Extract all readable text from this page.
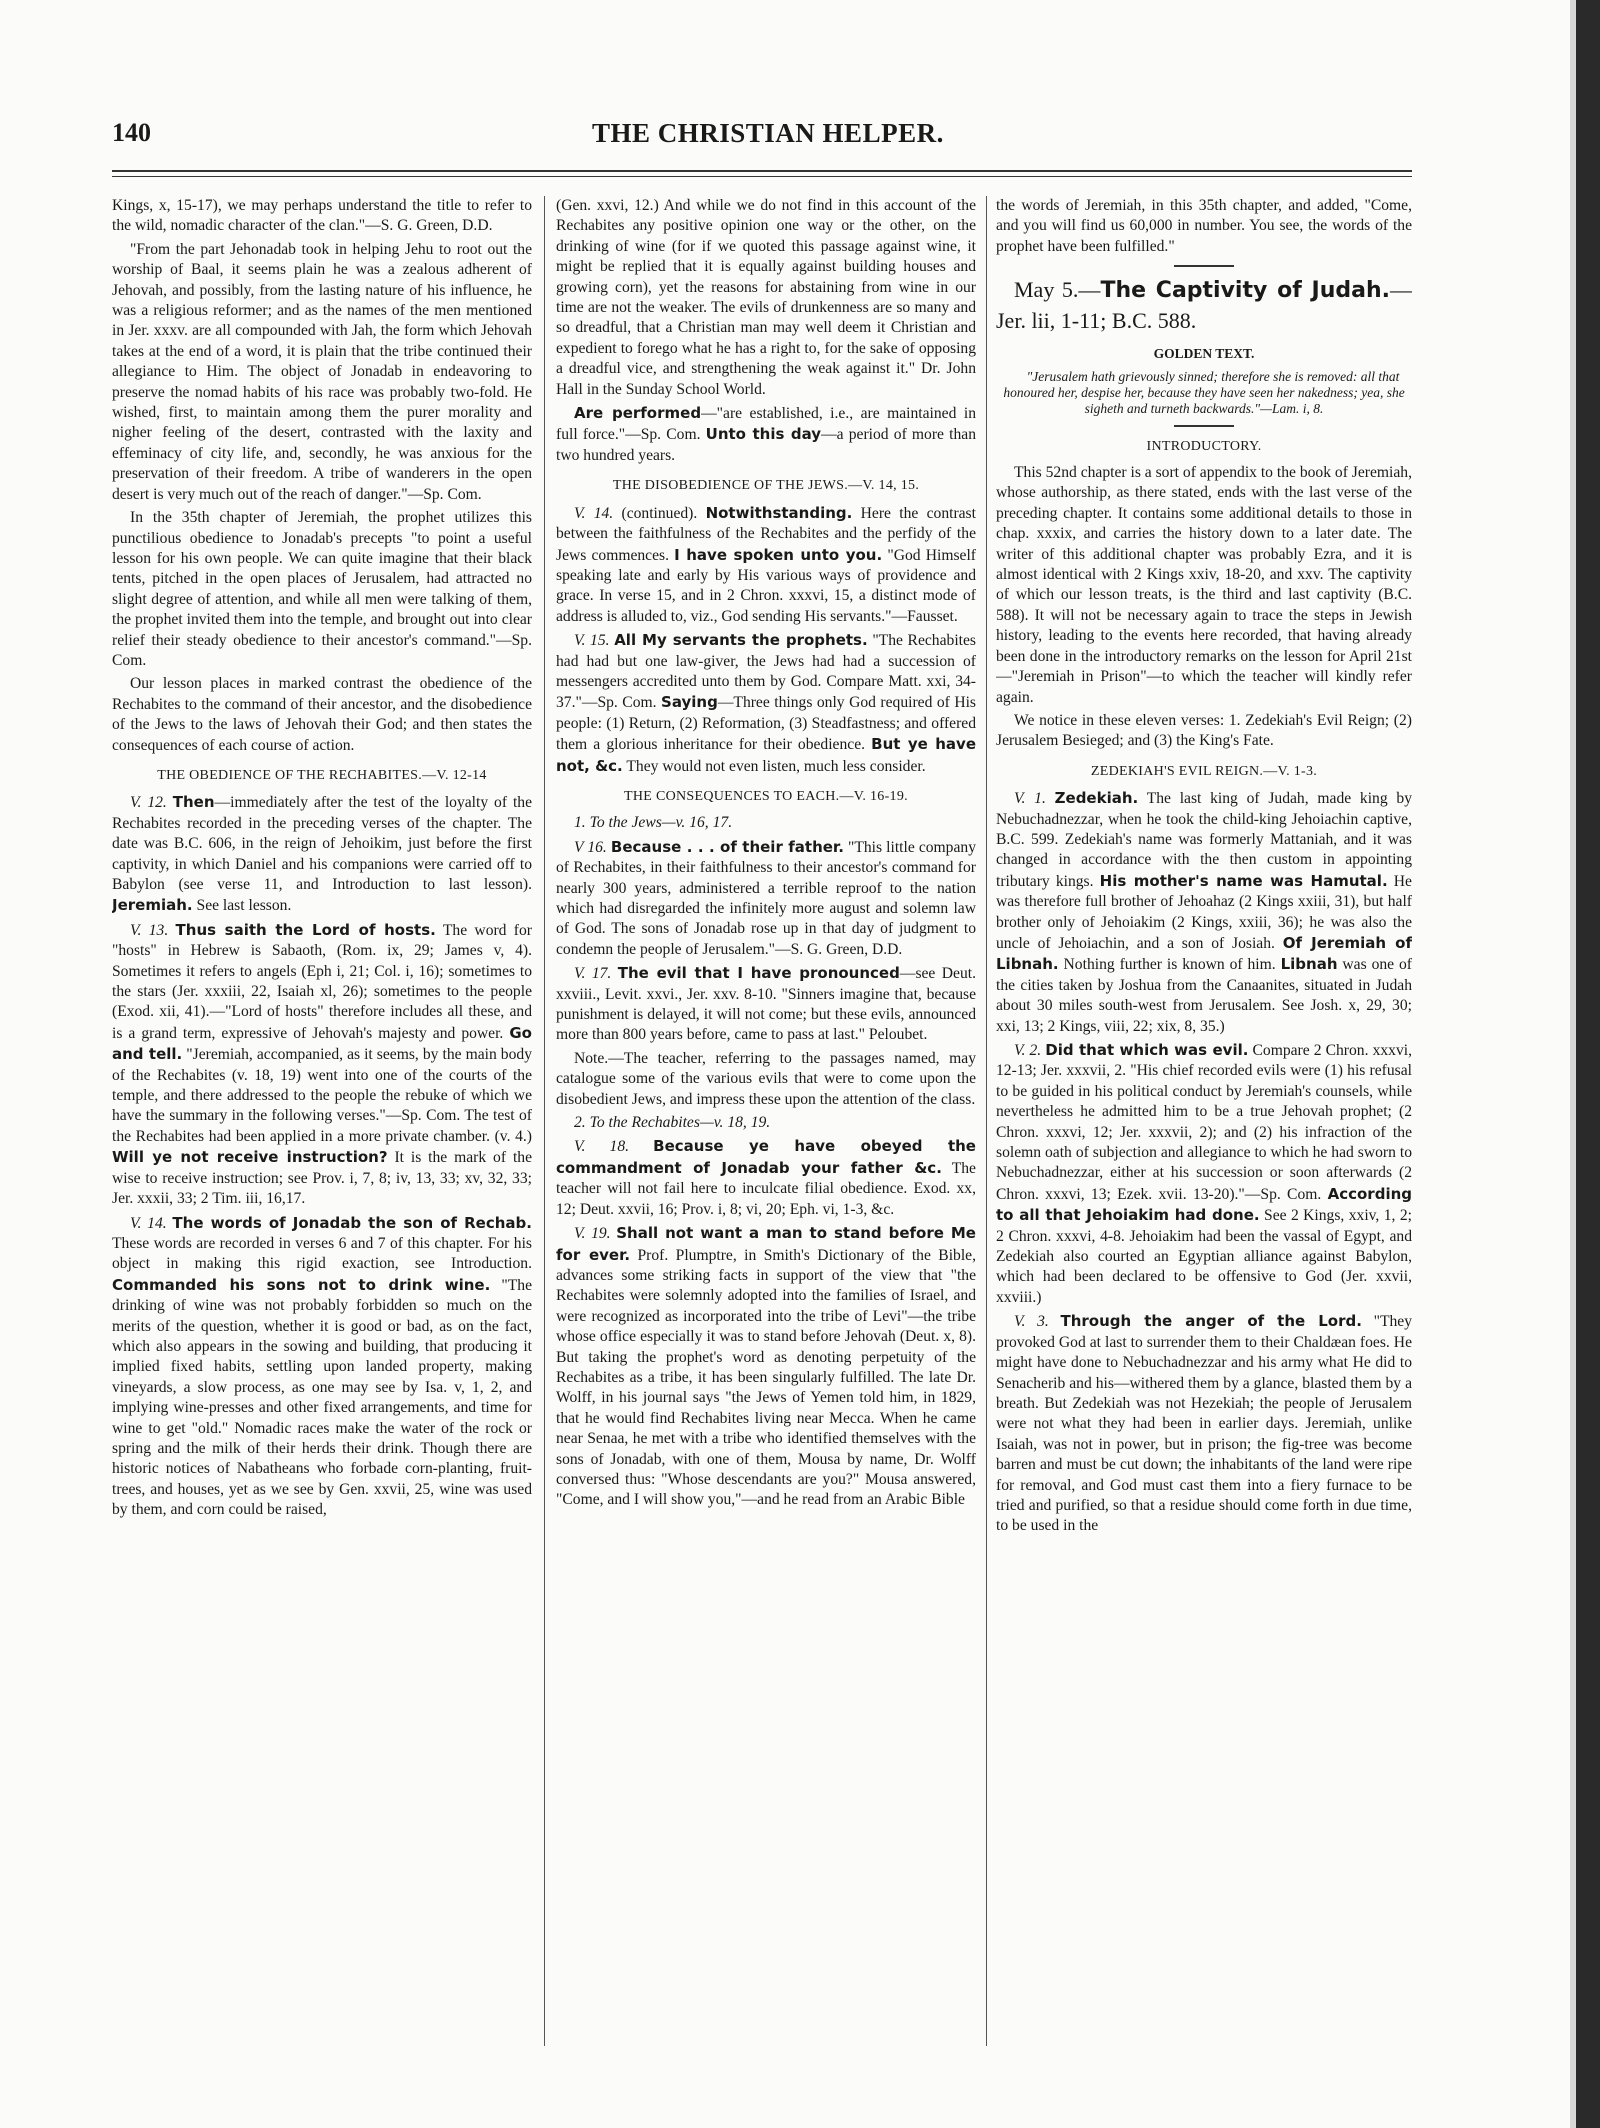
140	THE CHRISTIAN HELPER.

Kings, x, 15-17), we may perhaps understand the title to refer to the wild, nomadic character of the clan."—S. G. Green, D.D.

"From the part Jehonadab took in helping Jehu to root out the worship of Baal, it seems plain he was a zealous adherent of Jehovah, and possibly, from the lasting nature of his influence, he was a religious reformer; and as the names of the men mentioned in Jer. xxxv. are all compounded with Jah, the form which Jehovah takes at the end of a word, it is plain that the tribe continued their allegiance to Him. The object of Jonadab in endeavoring to preserve the nomad habits of his race was probably two-fold. He wished, first, to maintain among them the purer morality and nigher feeling of the desert, contrasted with the laxity and effeminacy of city life, and, secondly, he was anxious for the preservation of their freedom. A tribe of wanderers in the open desert is very much out of the reach of danger."—Sp. Com.

In the 35th chapter of Jeremiah, the prophet utilizes this punctilious obedience to Jonadab's precepts "to point a useful lesson for his own people. We can quite imagine that their black tents, pitched in the open places of Jerusalem, had attracted no slight degree of attention, and while all men were talking of them, the prophet invited them into the temple, and brought out into clear relief their steady obedience to their ancestor's command."—Sp. Com.

Our lesson places in marked contrast the obedience of the Rechabites to the command of their ancestor, and the disobedience of the Jews to the laws of Jehovah their God; and then states the consequences of each course of action.

THE OBEDIENCE OF THE RECHABITES.—V. 12-14

V. 12. Then—immediately after the test of the loyalty of the Rechabites recorded in the preceding verses of the chapter. The date was B.C. 606, in the reign of Jehoikim, just before the first captivity, in which Daniel and his companions were carried off to Babylon (see verse 11, and Introduction to last lesson). Jeremiah. See last lesson.

V. 13. Thus saith the Lord of hosts. The word for "hosts" in Hebrew is Sabaoth, (Rom. ix, 29; James v, 4). Sometimes it refers to angels (Eph i, 21; Col. i, 16); sometimes to the stars (Jer. xxxiii, 22, Isaiah xl, 26); sometimes to the people (Exod. xii, 41).—"Lord of hosts" therefore includes all these, and is a grand term, expressive of Jehovah's majesty and power. Go and tell. "Jeremiah, accompanied, as it seems, by the main body of the Rechabites (v. 18, 19) went into one of the courts of the temple, and there addressed to the people the rebuke of which we have the summary in the following verses."—Sp. Com. The test of the Rechabites had been applied in a more private chamber. (v. 4.) Will ye not receive instruction? It is the mark of the wise to receive instruction; see Prov. i, 7, 8; iv, 13, 33; xv, 32, 33; Jer. xxxii, 33; 2 Tim. iii, 16,17.

V. 14. The words of Jonadab the son of Rechab. These words are recorded in verses 6 and 7 of this chapter. For his object in making this rigid exaction, see Introduction. Commanded his sons not to drink wine. "The drinking of wine was not probably forbidden so much on the merits of the question, whether it is good or bad, as on the fact, which also appears in the sowing and building, that producing it implied fixed habits, settling upon landed property, making vineyards, a slow process, as one may see by Isa. v, 1, 2, and implying wine-presses and other fixed arrangements, and time for wine to get "old." Nomadic races make the water of the rock or spring and the milk of their herds their drink. Though there are historic notices of Nabatheans who forbade corn-planting, fruit-trees, and houses, yet as we see by Gen. xxvii, 25, wine was used by them, and corn could be raised,

(Gen. xxvi, 12.) And while we do not find in this account of the Rechabites any positive opinion one way or the other, on the drinking of wine (for if we quoted this passage against wine, it might be replied that it is equally against building houses and growing corn), yet the reasons for abstaining from wine in our time are not the weaker. The evils of drunkenness are so many and so dreadful, that a Christian man may well deem it Christian and expedient to forego what he has a right to, for the sake of opposing a dreadful vice, and strengthening the weak against it." Dr. John Hall in the Sunday School World.

Are performed—"are established, i.e., are maintained in full force."—Sp. Com. Unto this day—a period of more than two hundred years.

THE DISOBEDIENCE OF THE JEWS.—V. 14, 15.

V. 14. (continued). Notwithstanding. Here the contrast between the faithfulness of the Rechabites and the perfidy of the Jews commences. I have spoken unto you. "God Himself speaking late and early by His various ways of providence and grace. In verse 15, and in 2 Chron. xxxvi, 15, a distinct mode of address is alluded to, viz., God sending His servants."—Fausset.

V. 15. All My servants the prophets. "The Rechabites had had but one law-giver, the Jews had had a succession of messengers accredited unto them by God. Compare Matt. xxi, 34-37."—Sp. Com. Saying—Three things only God required of His people: (1) Return, (2) Reformation, (3) Steadfastness; and offered them a glorious inheritance for their obedience. But ye have not, &c. They would not even listen, much less consider.

THE CONSEQUENCES TO EACH.—V. 16-19.

1. To the Jews—v. 16, 17.

V 16. Because . . . of their father. "This little company of Rechabites, in their faithfulness to their ancestor's command for nearly 300 years, administered a terrible reproof to the nation which had disregarded the infinitely more august and solemn law of God. The sons of Jonadab rose up in that day of judgment to condemn the people of Jerusalem."—S. G. Green, D.D.

V. 17. The evil that I have pronounced—see Deut. xxviii., Levit. xxvi., Jer. xxv. 8-10. "Sinners imagine that, because punishment is delayed, it will not come; but these evils, announced more than 800 years before, came to pass at last." Peloubet.

Note.—The teacher, referring to the passages named, may catalogue some of the various evils that were to come upon the disobedient Jews, and impress these upon the attention of the class.

2. To the Rechabites—v. 18, 19.

V. 18. Because ye have obeyed the commandment of Jonadab your father &c. The teacher will not fail here to inculcate filial obedience. Exod. xx, 12; Deut. xxvii, 16; Prov. i, 8; vi, 20; Eph. vi, 1-3, &c.

V. 19. Shall not want a man to stand before Me for ever. Prof. Plumptre, in Smith's Dictionary of the Bible, advances some striking facts in support of the view that "the Rechabites were solemnly adopted into the families of Israel, and were recognized as incorporated into the tribe of Levi"—the tribe whose office especially it was to stand before Jehovah (Deut. x, 8). But taking the prophet's word as denoting perpetuity of the Rechabites as a tribe, it has been singularly fulfilled. The late Dr. Wolff, in his journal says "the Jews of Yemen told him, in 1829, that he would find Rechabites living near Mecca. When he came near Senaa, he met with a tribe who identified themselves with the sons of Jonadab, with one of them, Mousa by name, Dr. Wolff conversed thus: "Whose descendants are you?" Mousa answered, "Come, and I will show you,"—and he read from an Arabic Bible

the words of Jeremiah, in this 35th chapter, and added, "Come, and you will find us 60,000 in number. You see, the words of the prophet have been fulfilled."

May 5.—The Captivity of Judah.—Jer. lii, 1-11; B.C. 588.

GOLDEN TEXT.

"Jerusalem hath grievously sinned; therefore she is removed: all that honoured her, despise her, because they have seen her nakedness; yea, she sigheth and turneth backwards."—Lam. i, 8.

INTRODUCTORY.

This 52nd chapter is a sort of appendix to the book of Jeremiah, whose authorship, as there stated, ends with the last verse of the preceding chapter. It contains some additional details to those in chap. xxxix, and carries the history down to a later date. The writer of this additional chapter was probably Ezra, and it is almost identical with 2 Kings xxiv, 18-20, and xxv. The captivity of which our lesson treats, is the third and last captivity (B.C. 588). It will not be necessary again to trace the steps in Jewish history, leading to the events here recorded, that having already been done in the introductory remarks on the lesson for April 21st—"Jeremiah in Prison"—to which the teacher will kindly refer again.

We notice in these eleven verses: 1. Zedekiah's Evil Reign; (2) Jerusalem Besieged; and (3) the King's Fate.

ZEDEKIAH'S EVIL REIGN.—V. 1-3.

V. 1. Zedekiah. The last king of Judah, made king by Nebuchadnezzar, when he took the child-king Jehoiachin captive, B.C. 599. Zedekiah's name was formerly Mattaniah, and it was changed in accordance with the then custom in appointing tributary kings. His mother's name was Hamutal. He was therefore full brother of Jehoahaz (2 Kings xxiii, 31), but half brother only of Jehoiakim (2 Kings, xxiii, 36); he was also the uncle of Jehoiachin, and a son of Josiah. Of Jeremiah of Libnah. Nothing further is known of him. Libnah was one of the cities taken by Joshua from the Canaanites, situated in Judah about 30 miles south-west from Jerusalem. See Josh. x, 29, 30; xxi, 13; 2 Kings, viii, 22; xix, 8, 35.)

V. 2. Did that which was evil. Compare 2 Chron. xxxvi, 12-13; Jer. xxxvii, 2. "His chief recorded evils were (1) his refusal to be guided in his political conduct by Jeremiah's counsels, while nevertheless he admitted him to be a true Jehovah prophet; (2 Chron. xxxvi, 12; Jer. xxxvii, 2); and (2) his infraction of the solemn oath of subjection and allegiance to which he had sworn to Nebuchadnezzar, either at his succession or soon afterwards (2 Chron. xxxvi, 13; Ezek. xvii. 13-20)."—Sp. Com. According to all that Jehoiakim had done. See 2 Kings, xxiv, 1, 2; 2 Chron. xxxvi, 4-8. Jehoiakim had been the vassal of Egypt, and Zedekiah also courted an Egyptian alliance against Babylon, which had been declared to be offensive to God (Jer. xxvii, xxviii.)

V. 3. Through the anger of the Lord. "They provoked God at last to surrender them to their Chaldæan foes. He might have done to Nebuchadnezzar and his army what He did to Senacherib and his—withered them by a glance, blasted them by a breath. But Zedekiah was not Hezekiah; the people of Jerusalem were not what they had been in earlier days. Jeremiah, unlike Isaiah, was not in power, but in prison; the fig-tree was become barren and must be cut down; the inhabitants of the land were ripe for removal, and God must cast them into a fiery furnace to be tried and purified, so that a residue should come forth in due time, to be used in the
